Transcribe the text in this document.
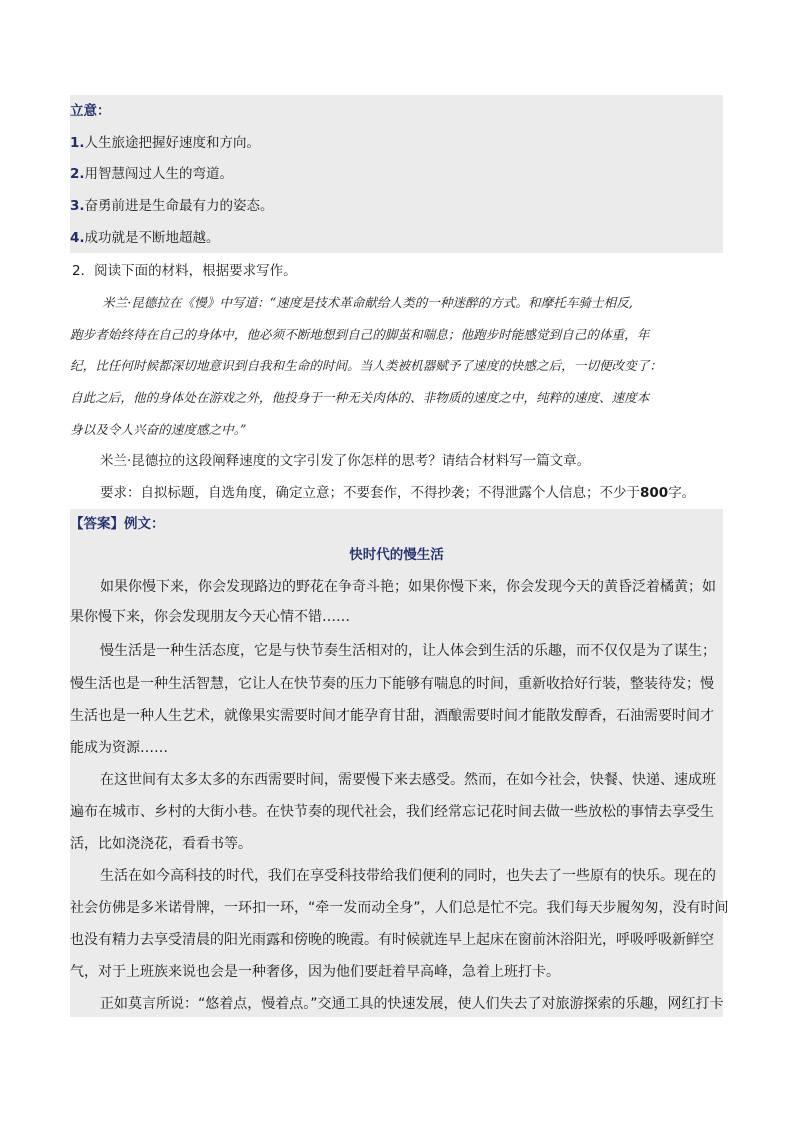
立意：
1.人生旅途把握好速度和方向。
2.用智慧闯过人生的弯道。
3.奋勇前进是生命最有力的姿态。
4.成功就是不断地超越。
2．阅读下面的材料，根据要求写作。
米兰·昆德拉在《慢》中写道：“速度是技术革命献给人类的一种迷醉的方式。和摩托车骑士相反,
跑步者始终待在自己的身体中，他必须不断地想到自己的脚茧和喘息；他跑步时能感觉到自己的体重，年
纪，比任何时候都深切地意识到自我和生命的时间。当人类被机器赋予了速度的快感之后，一切便改变了：
自此之后，他的身体处在游戏之外，他投身于一种无关肉体的、非物质的速度之中，纯粹的速度、速度本
身以及令人兴奋的速度感之中。”
米兰·昆德拉的这段阐释速度的文字引发了你怎样的思考？请结合材料写一篇文章。
要求：自拟标题，自选角度，确定立意；不要套作，不得抄袭；不得泄露个人信息；不少于800字。
【答案】例文：
快时代的慢生活
如果你慢下来，你会发现路边的野花在争奇斗艳；如果你慢下来，你会发现今天的黄昏泛着橘黄；如
果你慢下来，你会发现朋友今天心情不错……
慢生活是一种生活态度，它是与快节奏生活相对的，让人体会到生活的乐趣，而不仅仅是为了谋生；
慢生活也是一种生活智慧，它让人在快节奏的压力下能够有喘息的时间，重新收拾好行装，整装待发；慢
生活也是一种人生艺术，就像果实需要时间才能孕育甘甜，酒酿需要时间才能散发醇香，石油需要时间才
能成为资源……
在这世间有太多太多的东西需要时间，需要慢下来去感受。然而，在如今社会，快餐、快递、速成班
遍布在城市、乡村的大街小巷。在快节奏的现代社会，我们经常忘记花时间去做一些放松的事情去享受生
活，比如浇浇花，看看书等。
生活在如今高科技的时代，我们在享受科技带给我们便利的同时，也失去了一些原有的快乐。现在的
社会仿佛是多米诺骨牌，一环扣一环，“牵一发而动全身”，人们总是忙不完。我们每天步履匆匆，没有时间
也没有精力去享受清晨的阳光雨露和傍晚的晚霞。有时候就连早上起床在窗前沐浴阳光，呼吸呼吸新鲜空
气，对于上班族来说也会是一种奢侈，因为他们要赶着早高峰，急着上班打卡。
正如莫言所说：“悠着点，慢着点。”交通工具的快速发展，使人们失去了对旅游探索的乐趣，网红打卡
